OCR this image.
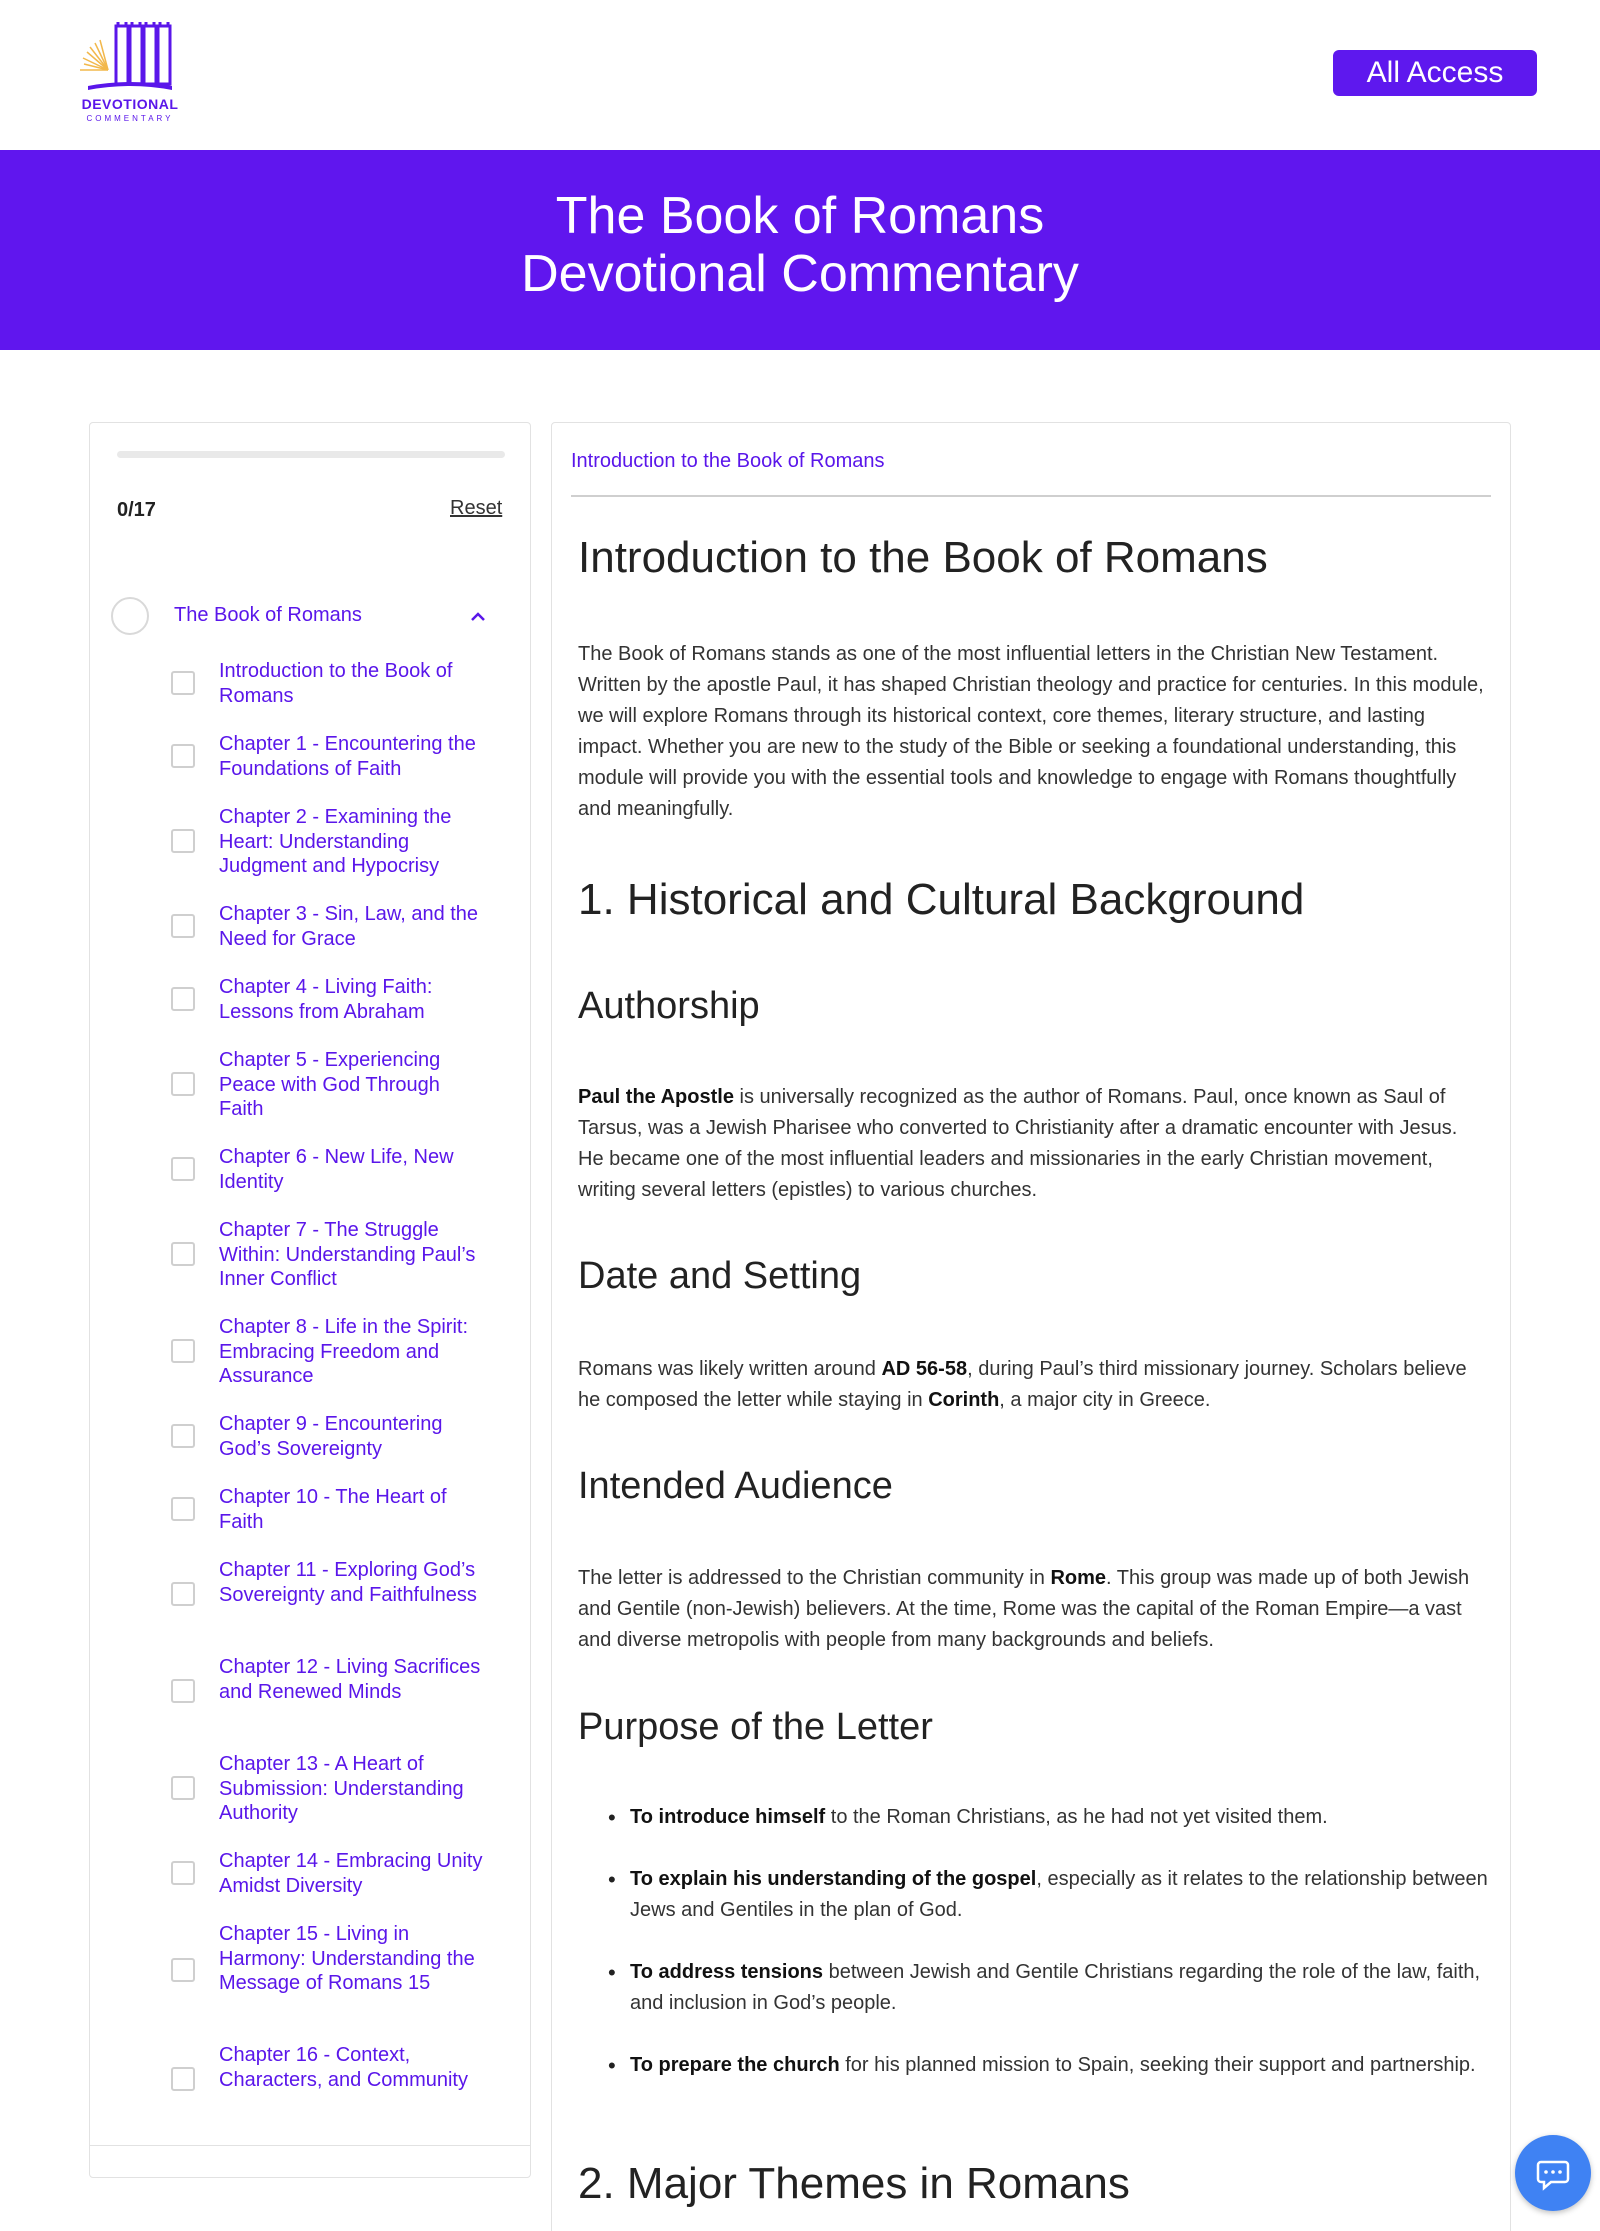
DEVOTIONAL
COMMENTARY
All Access
The Book of Romans
Devotional Commentary
0/17	Reset
The Book of Romans
Introduction to the Book of Romans
Chapter 1 - Encountering the Foundations of Faith
Chapter 2 - Examining the Heart: Understanding Judgment and Hypocrisy
Chapter 3 - Sin, Law, and the Need for Grace
Chapter 4 - Living Faith: Lessons from Abraham
Chapter 5 - Experiencing Peace with God Through Faith
Chapter 6 - New Life, New Identity
Chapter 7 - The Struggle Within: Understanding Paul’s Inner Conflict
Chapter 8 - Life in the Spirit: Embracing Freedom and Assurance
Chapter 9 - Encountering God’s Sovereignty
Chapter 10 - The Heart of Faith
Chapter 11 - Exploring God’s Sovereignty and Faithfulness
Chapter 12 - Living Sacrifices and Renewed Minds
Chapter 13 - A Heart of Submission: Understanding Authority
Chapter 14 - Embracing Unity Amidst Diversity
Chapter 15 - Living in Harmony: Understanding the Message of Romans 15
Chapter 16 - Context, Characters, and Community
Introduction to the Book of Romans
Introduction to the Book of Romans

The Book of Romans stands as one of the most influential letters in the Christian New Testament. Written by the apostle Paul, it has shaped Christian theology and practice for centuries. In this module, we will explore Romans through its historical context, core themes, literary structure, and lasting impact. Whether you are new to the study of the Bible or seeking a foundational understanding, this module will provide you with the essential tools and knowledge to engage with Romans thoughtfully and meaningfully.

1. Historical and Cultural Background
Authorship

Paul the Apostle is universally recognized as the author of Romans. Paul, once known as Saul of Tarsus, was a Jewish Pharisee who converted to Christianity after a dramatic encounter with Jesus. He became one of the most influential leaders and missionaries in the early Christian movement, writing several letters (epistles) to various churches.

Date and Setting

Romans was likely written around AD 56-58, during Paul’s third missionary journey. Scholars believe he composed the letter while staying in Corinth, a major city in Greece.

Intended Audience

The letter is addressed to the Christian community in Rome. This group was made up of both Jewish and Gentile (non-Jewish) believers. At the time, Rome was the capital of the Roman Empire—a vast and diverse metropolis with people from many backgrounds and beliefs.

Purpose of the Letter
• To introduce himself to the Roman Christians, as he had not yet visited them.
• To explain his understanding of the gospel, especially as it relates to the relationship between Jews and Gentiles in the plan of God.
• To address tensions between Jewish and Gentile Christians regarding the role of the law, faith, and inclusion in God’s people.
• To prepare the church for his planned mission to Spain, seeking their support and partnership.
2. Major Themes in Romans
